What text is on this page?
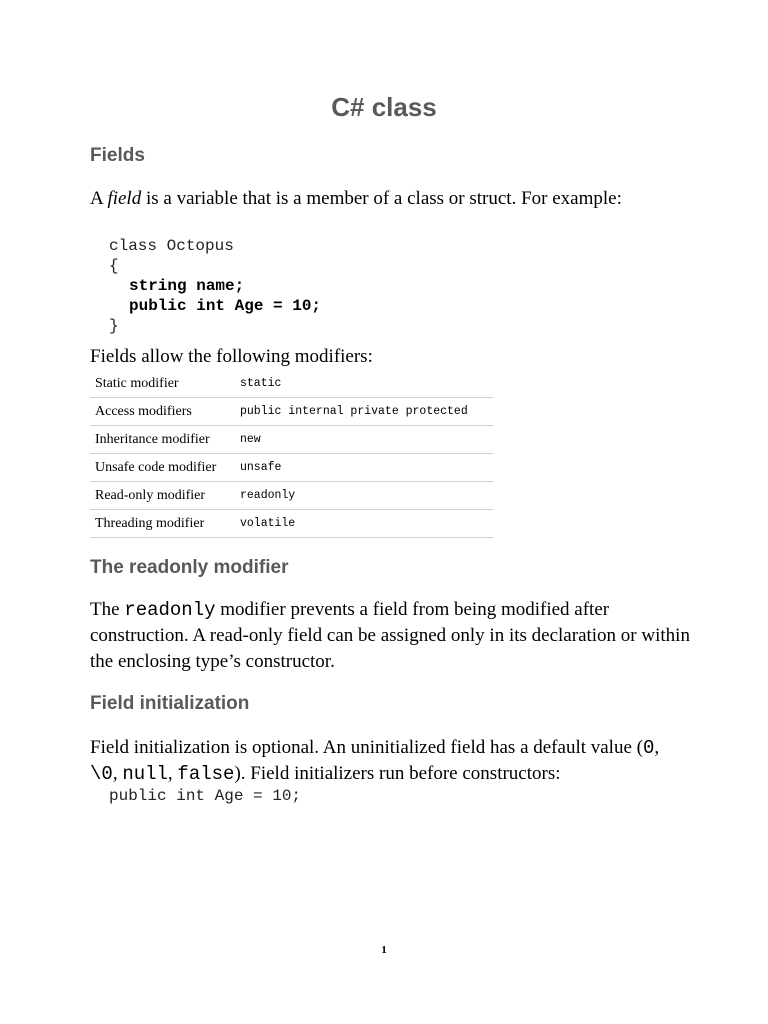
C# class
Fields

A field is a variable that is a member of a class or struct. For example:

class Octopus
{
string name;
public int Age = 10;
}

Fields allow the following modifiers:

Static modifier	static
Access modifiers	public internal private protected
Inheritance modifier	new
Unsafe code modifier	unsafe
Read-only modifier	readonly
Threading modifier	volatile
The readonly modifier

The readonly modifier prevents a field from being modified after construction. A read-only field can be assigned only in its declaration or within the enclosing type’s constructor.

Field initialization

Field initialization is optional. An uninitialized field has a default value (0, \0, null, false). Field initializers run before constructors:

public int Age = 10;
1
